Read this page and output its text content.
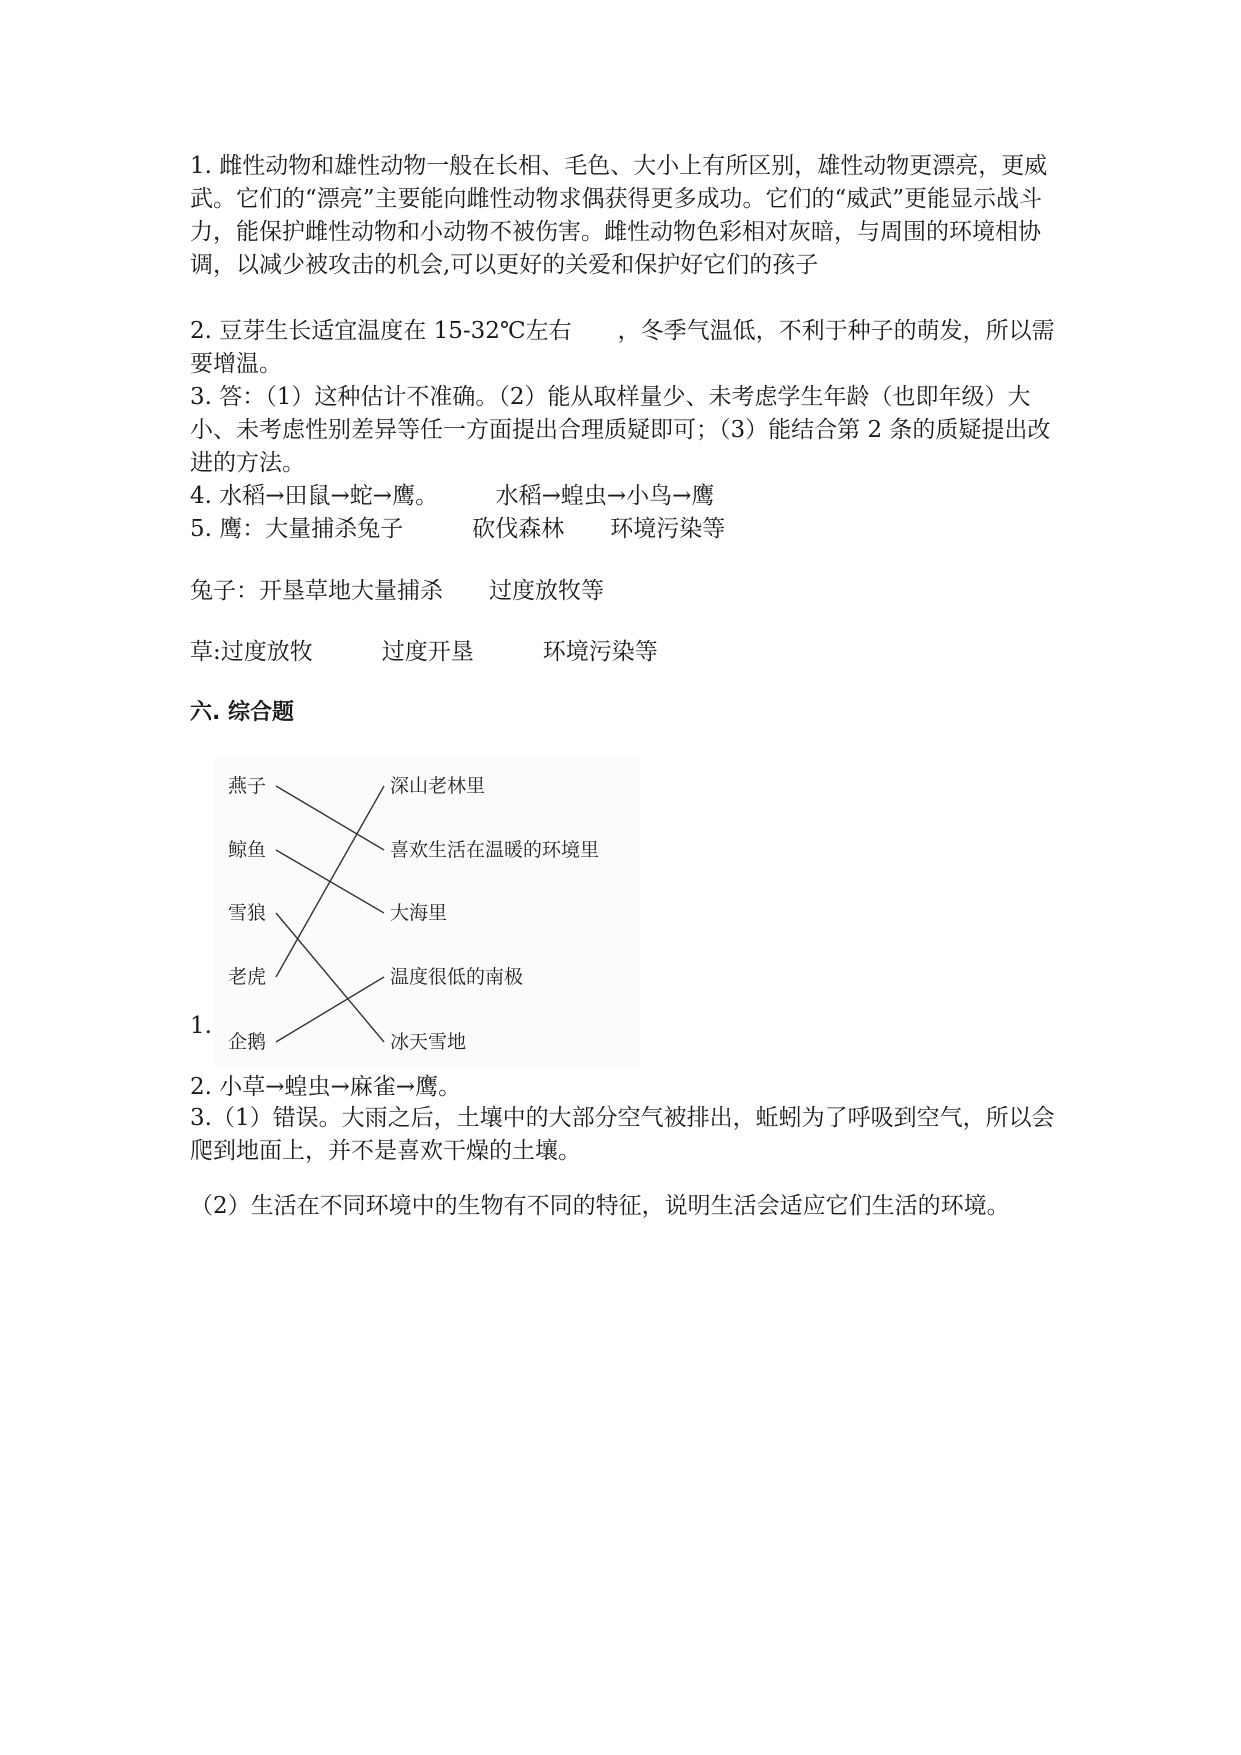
1. 雌性动物和雄性动物一般在长相、毛色、大小上有所区别，雄性动物更漂亮，更威武。它们的“漂亮”主要能向雌性动物求偶获得更多成功。它们的“威武”更能显示战斗力，能保护雌性动物和小动物不被伤害。雌性动物色彩相对灰暗，与周围的环境相协调，以减少被攻击的机会,可以更好的关爱和保护好它们的孩子

2. 豆芽生长适宜温度在 15-32℃左右　　，冬季气温低，不利于种子的萌发，所以需要增温。

3. 答：（1）这种估计不准确。（2）能从取样量少、未考虑学生年龄（也即年级）大小、未考虑性别差异等任一方面提出合理质疑即可；（3）能结合第 2 条的质疑提出改进的方法。

4. 水稻→田鼠→蛇→鹰。　　　水稻→蝗虫→小鸟→鹰
5. 鹰：大量捕杀兔子　　　砍伐森林　　环境污染等
兔子：开垦草地大量捕杀　　过度放牧等
草:过度放牧　　　过度开垦　　　环境污染等
六. 综合题
1.
燕子
鲸鱼
雪狼
老虎
企鹅
深山老林里
喜欢生活在温暖的环境里
大海里
温度很低的南极
冰天雪地
2. 小草→蝗虫→麻雀→鹰。

3.（1）错误。大雨之后，土壤中的大部分空气被排出，蚯蚓为了呼吸到空气，所以会爬到地面上，并不是喜欢干燥的土壤。

（2）生活在不同环境中的生物有不同的特征，说明生活会适应它们生活的环境。
